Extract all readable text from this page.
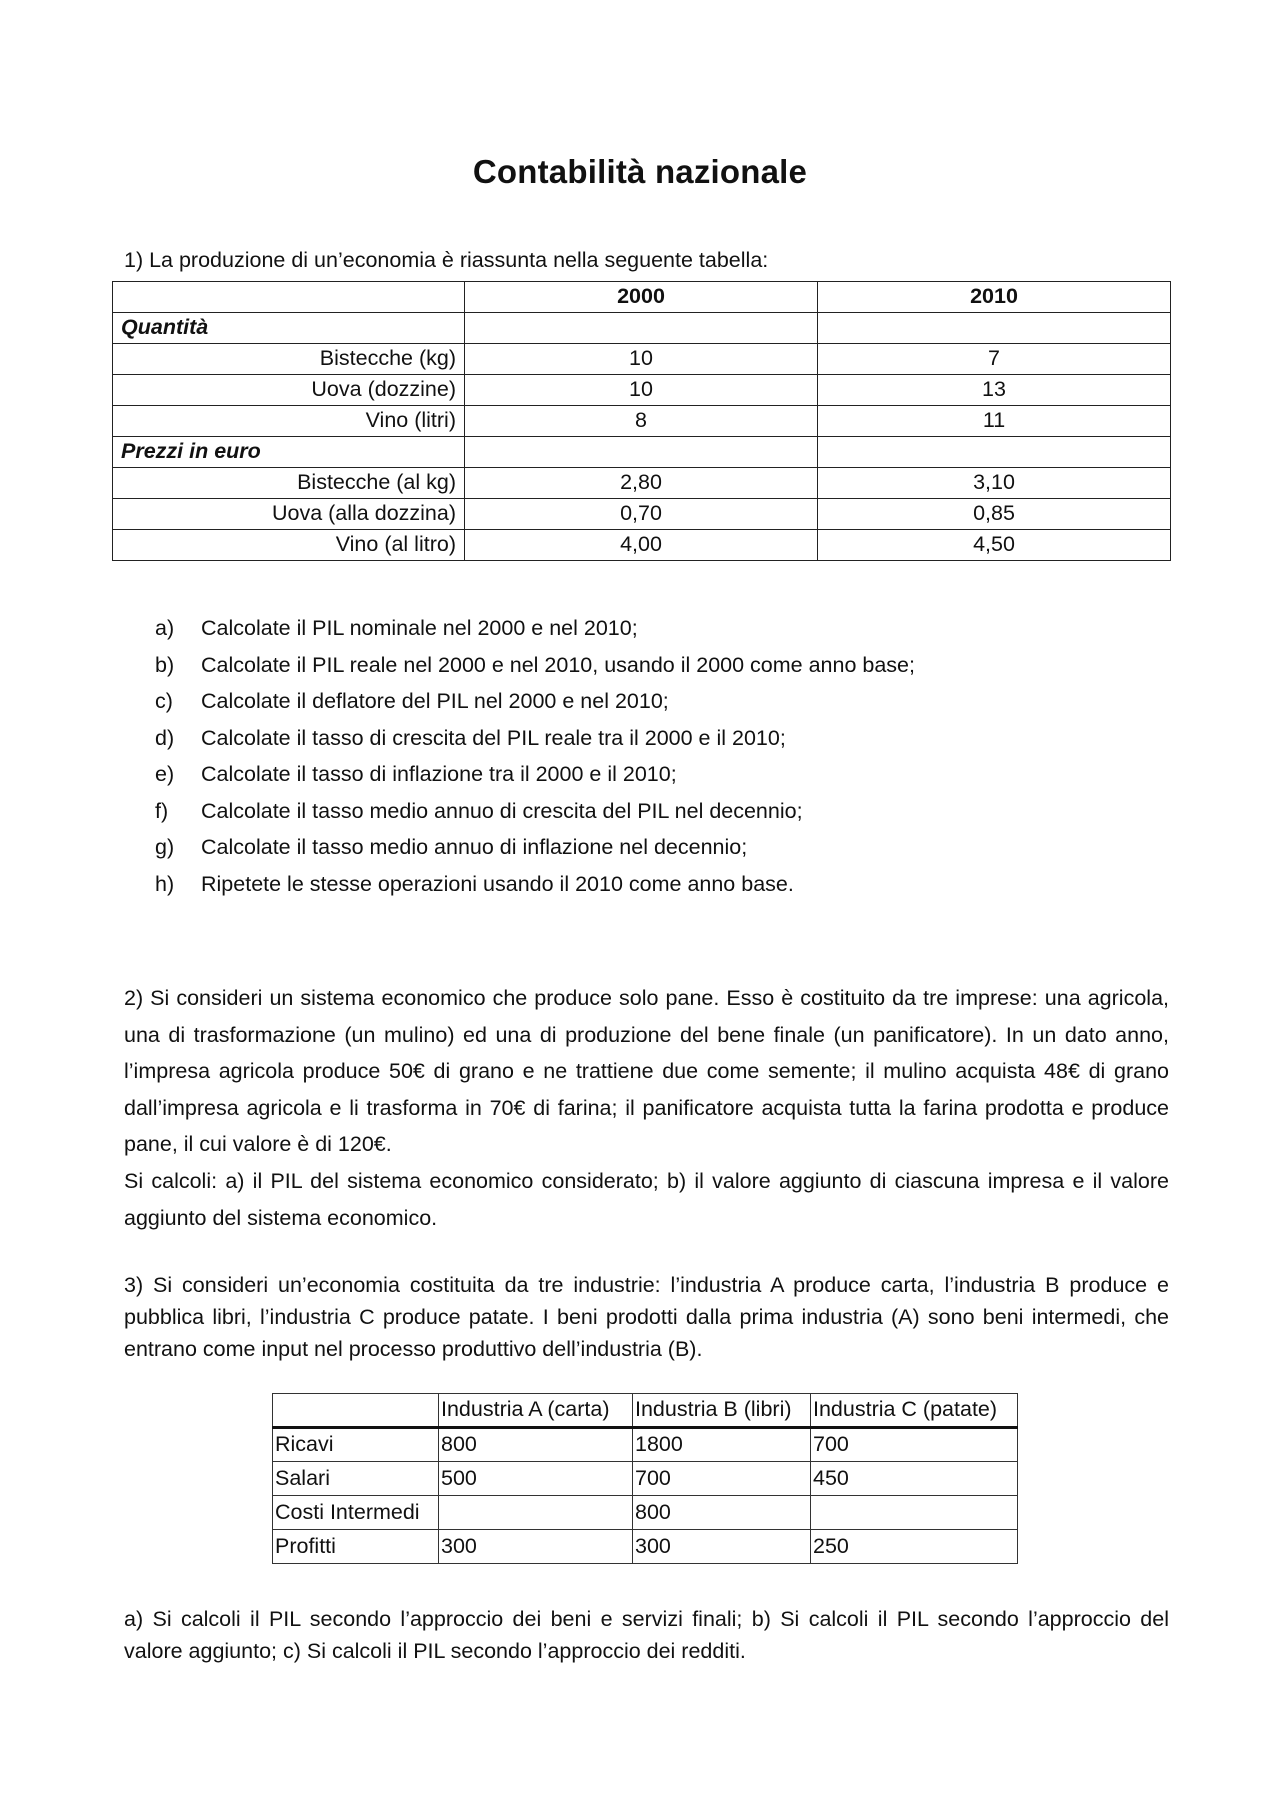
Contabilità nazionale

1) La produzione di un’economia è riassunta nella seguente tabella:

	2000	2010
Quantità		
Bistecche (kg)	10	7
Uova (dozzine)	10	13
Vino (litri)	8	11
Prezzi in euro		
Bistecche (al kg)	2,80	3,10
Uova (alla dozzina)	0,70	0,85
Vino (al litro)	4,00	4,50
a)	Calcolate il PIL nominale nel 2000 e nel 2010;
b)	Calcolate il PIL reale nel 2000 e nel 2010, usando il 2000 come anno base;
c)	Calcolate il deflatore del PIL nel 2000 e nel 2010;
d)	Calcolate il tasso di crescita del PIL reale tra il 2000 e il 2010;
e)	Calcolate il tasso di inflazione tra il 2000 e il 2010;
f)	Calcolate il tasso medio annuo di crescita del PIL nel decennio;
g)	Calcolate il tasso medio annuo di inflazione nel decennio;
h)	Ripetete le stesse operazioni usando il 2010 come anno base.

2) Si consideri un sistema economico che produce solo pane. Esso è costituito da tre imprese: una agricola, una di trasformazione (un mulino) ed una di produzione del bene finale (un panificatore). In un dato anno, l’impresa agricola produce 50€ di grano e ne trattiene due come semente; il mulino acquista 48€ di grano dall’impresa agricola e li trasforma in 70€ di farina; il panificatore acquista tutta la farina prodotta e produce pane, il cui valore è di 120€.

Si calcoli: a) il PIL del sistema economico considerato; b) il valore aggiunto di ciascuna impresa e il valore aggiunto del sistema economico.

3) Si consideri un’economia costituita da tre industrie: l’industria A produce carta, l’industria B produce e pubblica libri, l’industria C produce patate. I beni prodotti dalla prima industria (A) sono beni intermedi, che entrano come input nel processo produttivo dell’industria (B).

	Industria A (carta)	Industria B (libri)	Industria C (patate)
Ricavi	800	1800	700
Salari	500	700	450
Costi Intermedi		800	
Profitti	300	300	250

a) Si calcoli il PIL secondo l’approccio dei beni e servizi finali; b) Si calcoli il PIL secondo l’approccio del valore aggiunto; c) Si calcoli il PIL secondo l’approccio dei redditi.
